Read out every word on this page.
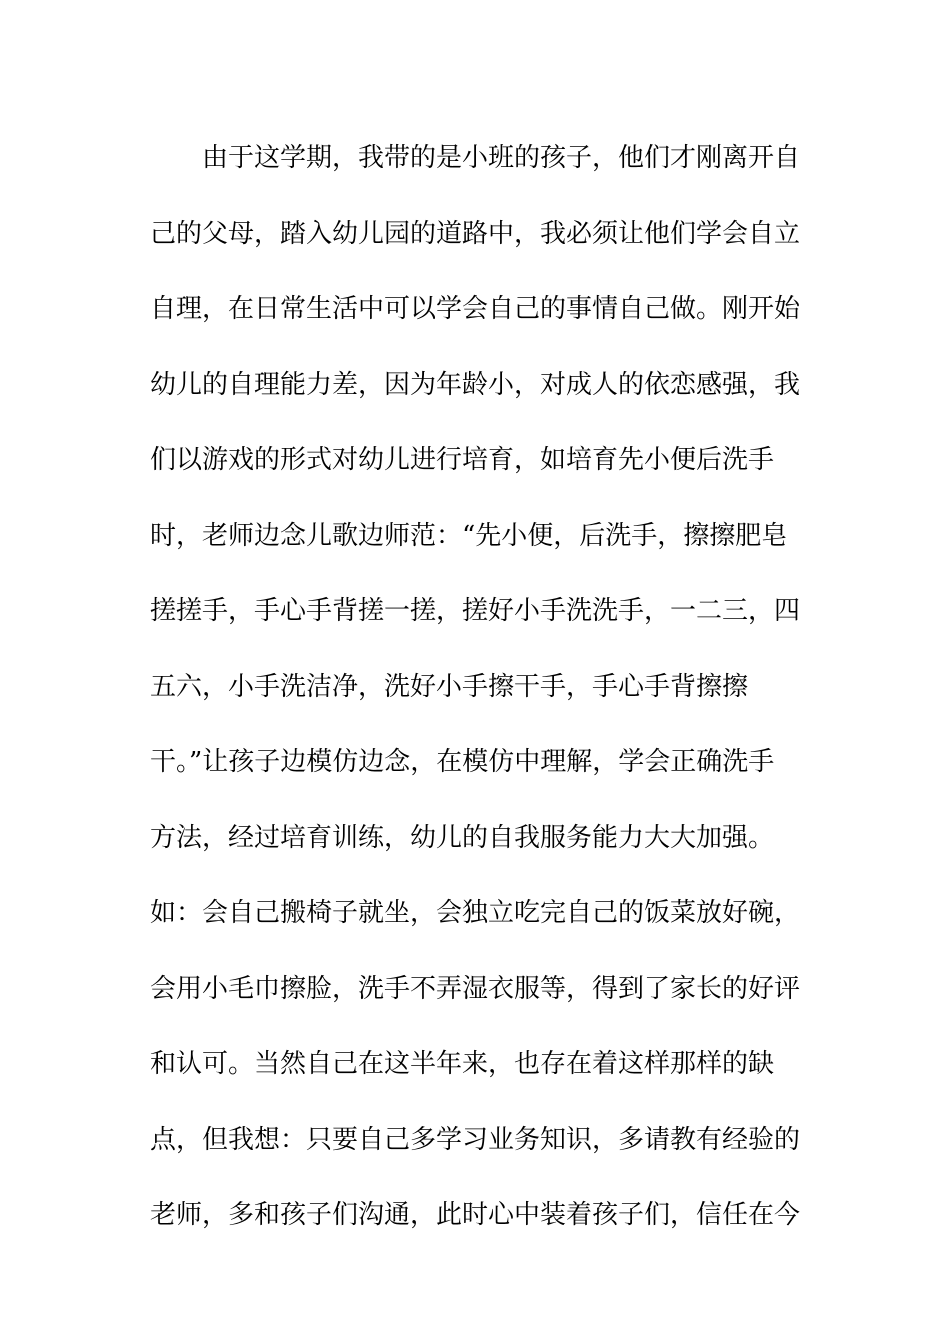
　　由于这学期，我带的是小班的孩子，他们才刚离开自
己的父母，踏入幼儿园的道路中，我必须让他们学会自立
自理，在日常生活中可以学会自己的事情自己做。刚开始
幼儿的自理能力差，因为年龄小，对成人的依恋感强，我
们以游戏的形式对幼儿进行培育，如培育先小便后洗手
时，老师边念儿歌边师范：“先小便，后洗手，擦擦肥皂
搓搓手，手心手背搓一搓，搓好小手洗洗手，一二三，四
五六，小手洗洁净，洗好小手擦干手，手心手背擦擦
干。”让孩子边模仿边念，在模仿中理解，学会正确洗手
方法，经过培育训练，幼儿的自我服务能力大大加强。
如：会自己搬椅子就坐，会独立吃完自己的饭菜放好碗，
会用小毛巾擦脸，洗手不弄湿衣服等，得到了家长的好评
和认可。当然自己在这半年来，也存在着这样那样的缺
点，但我想：只要自己多学习业务知识，多请教有经验的
老师，多和孩子们沟通，此时心中装着孩子们，信任在今
